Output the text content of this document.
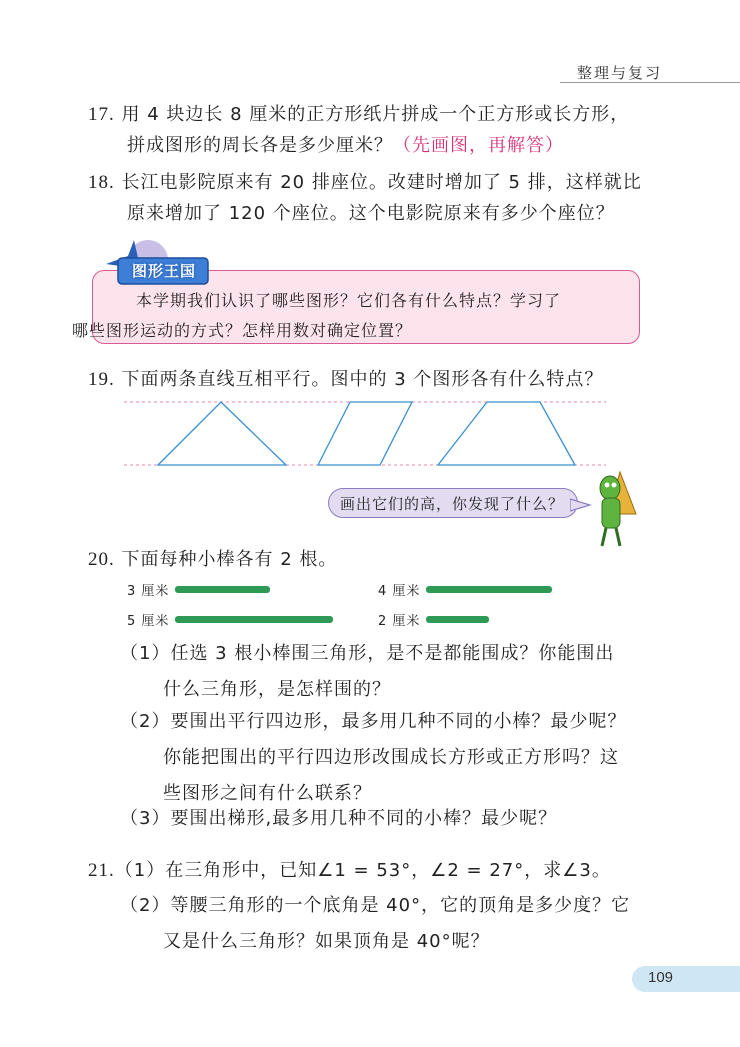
整理与复习
17. 用 4 块边长 8 厘米的正方形纸片拼成一个正方形或长方形，
拼成图形的周长各是多少厘米？（先画图，再解答）
18. 长江电影院原来有 20 排座位。改建时增加了 5 排，这样就比
原来增加了 120 个座位。这个电影院原来有多少个座位？
图形王国
本学期我们认识了哪些图形？它们各有什么特点？学习了
哪些图形运动的方式？怎样用数对确定位置？
19. 下面两条直线互相平行。图中的 3 个图形各有什么特点？
画出它们的高，你发现了什么？
20. 下面每种小棒各有 2 根。
3 厘米	4 厘米
5 厘米	2 厘米
（1）任选 3 根小棒围三角形，是不是都能围成？你能围出
什么三角形，是怎样围的？
（2）要围出平行四边形，最多用几种不同的小棒？最少呢？
你能把围出的平行四边形改围成长方形或正方形吗？这
些图形之间有什么联系？
（3）要围出梯形,最多用几种不同的小棒？最少呢？
21.（1）在三角形中，已知∠1 = 53°，∠2 = 27°，求∠3。
（2）等腰三角形的一个底角是 40°，它的顶角是多少度？它
又是什么三角形？如果顶角是 40°呢？
109
